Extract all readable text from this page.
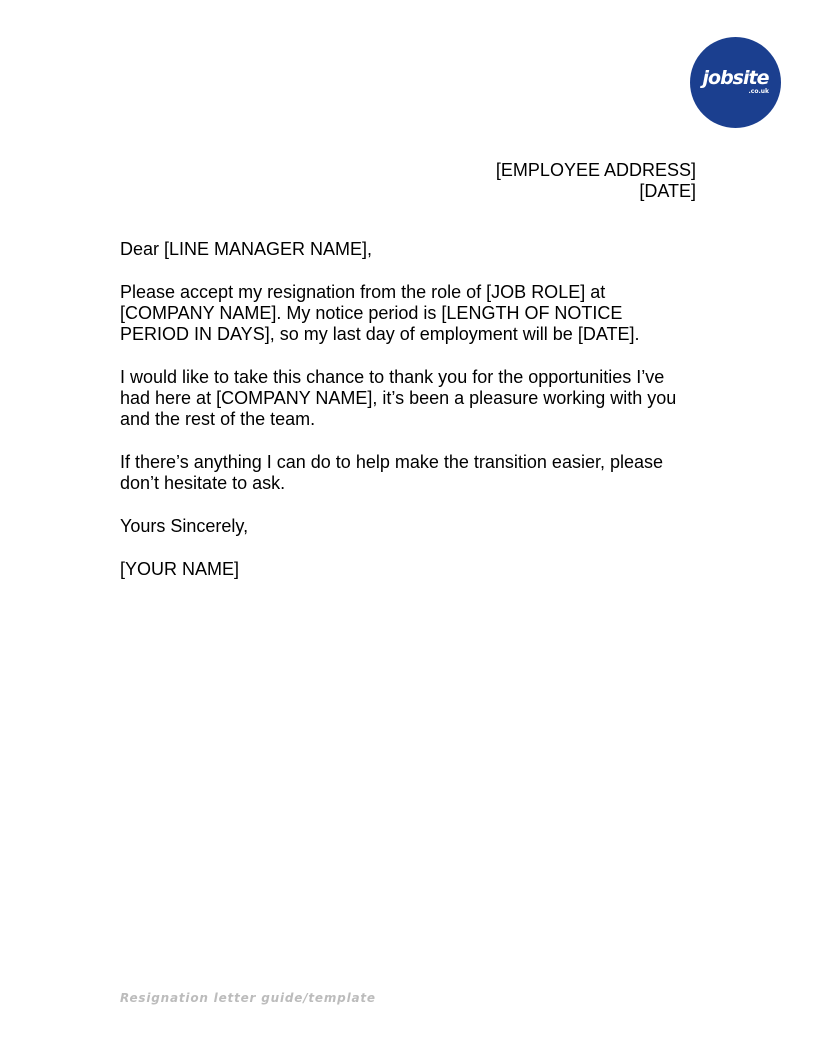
jobsite
.co.uk
[EMPLOYEE ADDRESS]
[DATE]

Dear [LINE MANAGER NAME],

Please accept my resignation from the role of [JOB ROLE] at [COMPANY NAME]. My notice period is [LENGTH OF NOTICE PERIOD IN DAYS], so my last day of employment will be [DATE].

I would like to take this chance to thank you for the opportunities I’ve had here at [COMPANY NAME], it’s been a pleasure working with you and the rest of the team.

If there’s anything I can do to help make the transition easier, please don’t hesitate to ask.

Yours Sincerely,

[YOUR NAME]

Resignation letter guide/template
